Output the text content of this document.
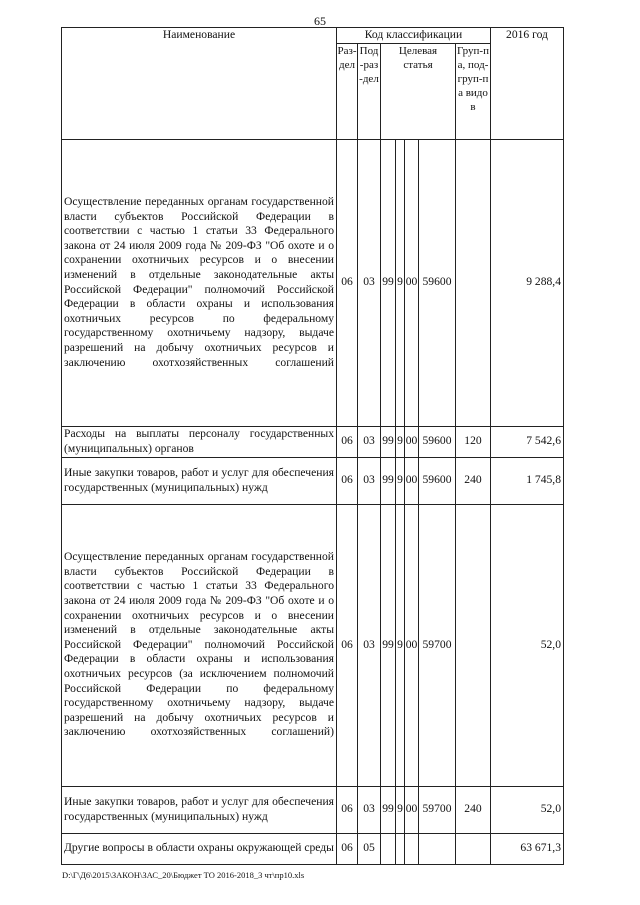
65
Наименование	Код классификации							2016 год
	Раз-дел	Под-раз-дел	Целевая статья				Груп-па, под-груп-па видов	
Осуществление переданных органам государственной власти субъектов Российской Федерации в соответствии с частью 1 статьи 33 Федерального закона от 24 июля 2009 года № 209-ФЗ "Об охоте и о сохранении охотничьих ресурсов и о внесении изменений в отдельные законодательные акты Российской Федерации" полномочий Российской Федерации в области охраны и использования охотничьих ресурсов по федеральному государственному охотничьему надзору, выдаче разрешений на добычу охотничьих ресурсов и заключению охотхозяйственных соглашений	06	03	99	9	00	59600		9 288,4
Расходы на выплаты персоналу государственных (муниципальных) органов	06	03	99	9	00	59600	120	7 542,6
Иные закупки товаров, работ и услуг для обеспечения государственных (муниципальных) нужд	06	03	99	9	00	59600	240	1 745,8
Осуществление переданных органам государственной власти субъектов Российской Федерации в соответствии с частью 1 статьи 33 Федерального закона от 24 июля 2009 года № 209-ФЗ "Об охоте и о сохранении охотничьих ресурсов и о внесении изменений в отдельные законодательные акты Российской Федерации" полномочий Российской Федерации в области охраны и использования охотничьих ресурсов (за исключением полномочий Российской Федерации по федеральному государственному охотничьему надзору, выдаче разрешений на добычу охотничьих ресурсов и заключению охотхозяйственных соглашений)	06	03	99	9	00	59700		52,0
Иные закупки товаров, работ и услуг для обеспечения государственных (муниципальных) нужд	06	03	99	9	00	59700	240	52,0
Другие вопросы в области охраны окружающей среды	06	05						63 671,3
D:\Г\Д6\2015\ЗАКОН\ЗАС_20\Бюджет ТО 2016-2018_3 чт\пр10.xls
